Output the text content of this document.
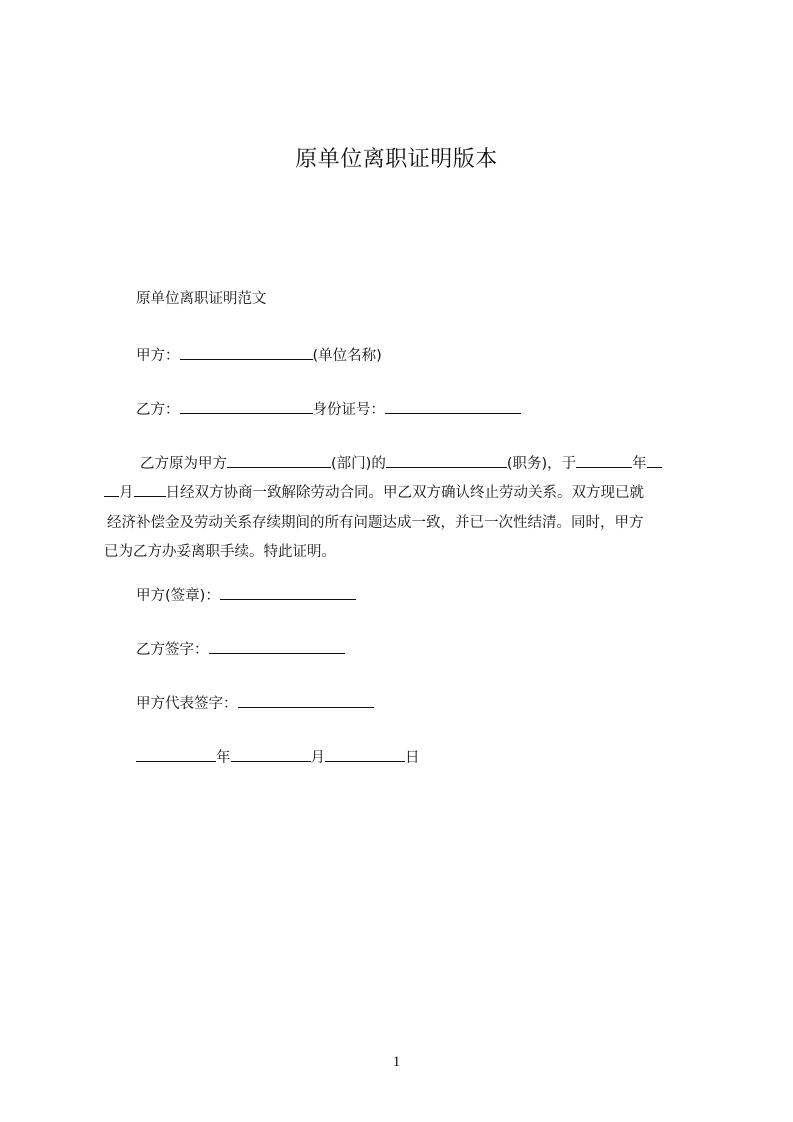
原单位离职证明版本
原单位离职证明范文
甲方：	(单位名称)
乙方：	身份证号：
乙方原为甲方	(部门)的	(职务)，于	年
月 日经双方协商一致解除劳动合同。甲乙双方确认终止劳动关系。双方现已就
经济补偿金及劳动关系存续期间的所有问题达成一致，并已一次性结清。同时，甲方
已为乙方办妥离职手续。特此证明。
甲方(签章)：
乙方签字：
甲方代表签字：
年	月	日
1
